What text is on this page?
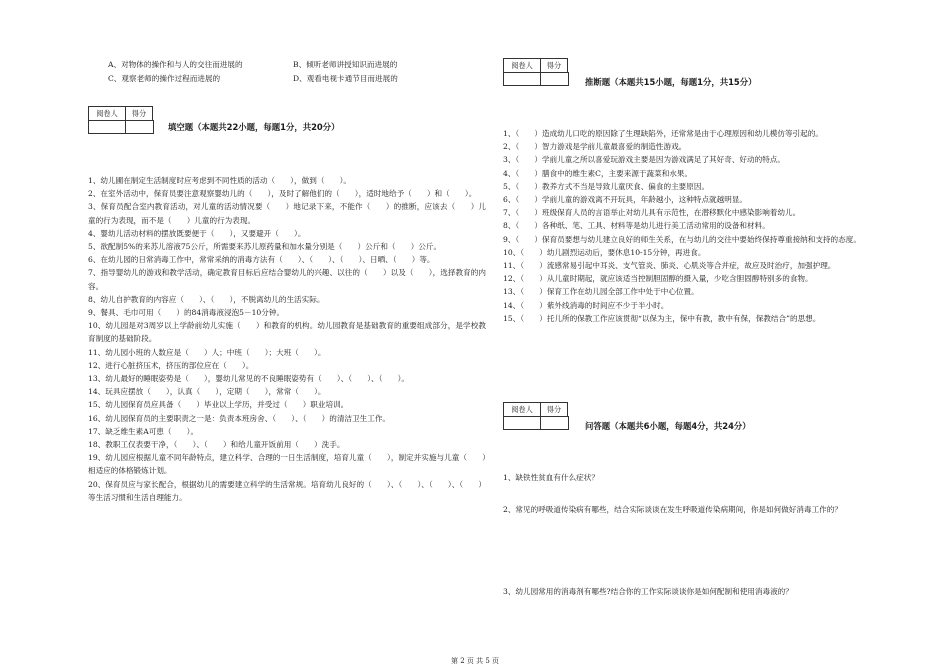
A、对物体的操作和与人的交往而进展的	B、倾听老师讲授知识而进展的
C、观察老师的操作过程而进展的	D、观看电视卡通节目而进展的
阅卷人	得分
填空题（本题共22小题，每题1分，共20分）
1、幼儿圃在制定生活制度时应考虑到不同性质的活动（　　），做到（　　）。
2、在室外活动中，保育员要注意观察婴幼儿的（　　），及时了解他们的（　　），适时地给予（　　）和（　　）。
3、保育员配合室内教育活动，对儿童的活动情况要（　　）地记录下来，不能作（　　）的推断，应该去（　　）儿童的行为表现，而不是（　　）儿童的行为表现。
4、婴幼儿活动材料的摆放既要便于（　　），又要避开（　　）。
5、欲配制5%的来苏儿溶液75公斤，所需要来苏儿原药量和加水量分别是（　　）公斤和（　　）公斤。
6、在幼儿园的日常消毒工作中，常常采纳的消毒方法有（　　）、（　　）、（　　）、日晒、（　　）等。
7、指导婴幼儿的游戏和教学活动，确定教育目标后应结合婴幼儿的兴趣、以往的（　　）以及（　　），选择教育的内容。
8、幼儿自护教育的内容应（　　）、（　　），不脱离幼儿的生活实际。
9、餐具、毛巾可用（　　）的84消毒液浸泡5－10分钟。
10、幼儿园是对3周岁以上学龄前幼儿实施（　　）和教育的机构。幼儿园教育是基础教育的重要组成部分，是学校教育制度的基础阶段。
11、幼儿园小班的人数应是（　　）人；中班（　　）；大班（　　）。
12、进行心脏挤压术，挤压的部位应在（　　）。
13、幼儿最好的睡眠姿势是（　　），婴幼儿常见的不良睡眠姿势有（　　）、（　　）、（　　）。
14、玩具应摆放（　　），认真（　　），定期（　　），常常（　　）。
15、幼儿园保育员应具备（　　）毕业以上学历，并受过（　　）职业培训。
16、幼儿园保育员的主要职责之一是：负责本班房舍、（　　）、（　　）的清洁卫生工作。
17、缺乏维生素A可患（　　）。
18、教职工仅表要干净，（　　）、（　　）和给儿童开饭前用（　　）洗手。
19、幼儿园应根据儿童不同年龄特点，建立科学、合理的一日生活制度，培育儿童（　　），制定并实施与儿童（　　）相适应的体格锻炼计划。
20、保育员应与家长配合，根据幼儿的需要建立科学的生活常规。培育幼儿良好的（　　）、（　　）、（　　）、（　　）等生活习惯和生活自理能力。
阅卷人	得分
推断题（本题共15小题，每题1分，共15分）
1、（　　）造成幼儿口吃的原因除了生理缺陷外，还常常是由于心理原因和幼儿模仿等引起的。
2、（　　）智力游戏是学前儿童最喜爱的制造性游戏。
3、（　　）学前儿童之所以喜爱玩游戏主要是因为游戏满足了其好奇、好动的特点。
4、（　　）膳食中的维生素C，主要来源于蔬菜和水果。
5、（　　）教养方式不当是导致儿童厌食、偏食的主要原因。
6、（　　）学前儿童的游戏离不开玩具，年龄越小，这种特点就越明显。
7、（　　）班级保育人员的言语举止对幼儿具有示范性，在潜移默化中感染影响着幼儿。
8、（　　）各种纸、笔、工具、材料等是幼儿进行美工活动常用的设备和材料。
9、（　　）保育员要想与幼儿建立良好的师生关系，在与幼儿的交往中要始终保持尊重接纳和支持的态度。
10、（　　）幼儿剧烈运动后，要休息10-15分钟，再进食。
11、（　　）流感常易引起中耳炎、支气管炎、肺炎、心肌炎等合并症，故应及时治疗，加强护理。
12、（　　）从儿童时期起，就应该适当控制胆固醇的摄入量，少吃含胆固醇特别多的食物。
13、（　　）保育工作在幼儿园全部工作中处于中心位置。
14、（　　）紫外线消毒的时间应不少于半小时。
15、（　　）托儿所的保教工作应该贯彻“以保为主，保中有教，教中有保，保教结合”的思想。
阅卷人	得分
问答题（本题共6小题，每题4分，共24分）
1、缺铁性贫血有什么症状？
2、常见的呼吸道传染病有哪些，结合实际谈谈在发生呼吸道传染病期间，你是如何做好消毒工作的？
3、幼儿园常用的消毒剂有哪些?结合你的工作实际谈谈你是如何配制和使用消毒液的？
第 2 页 共 5 页
